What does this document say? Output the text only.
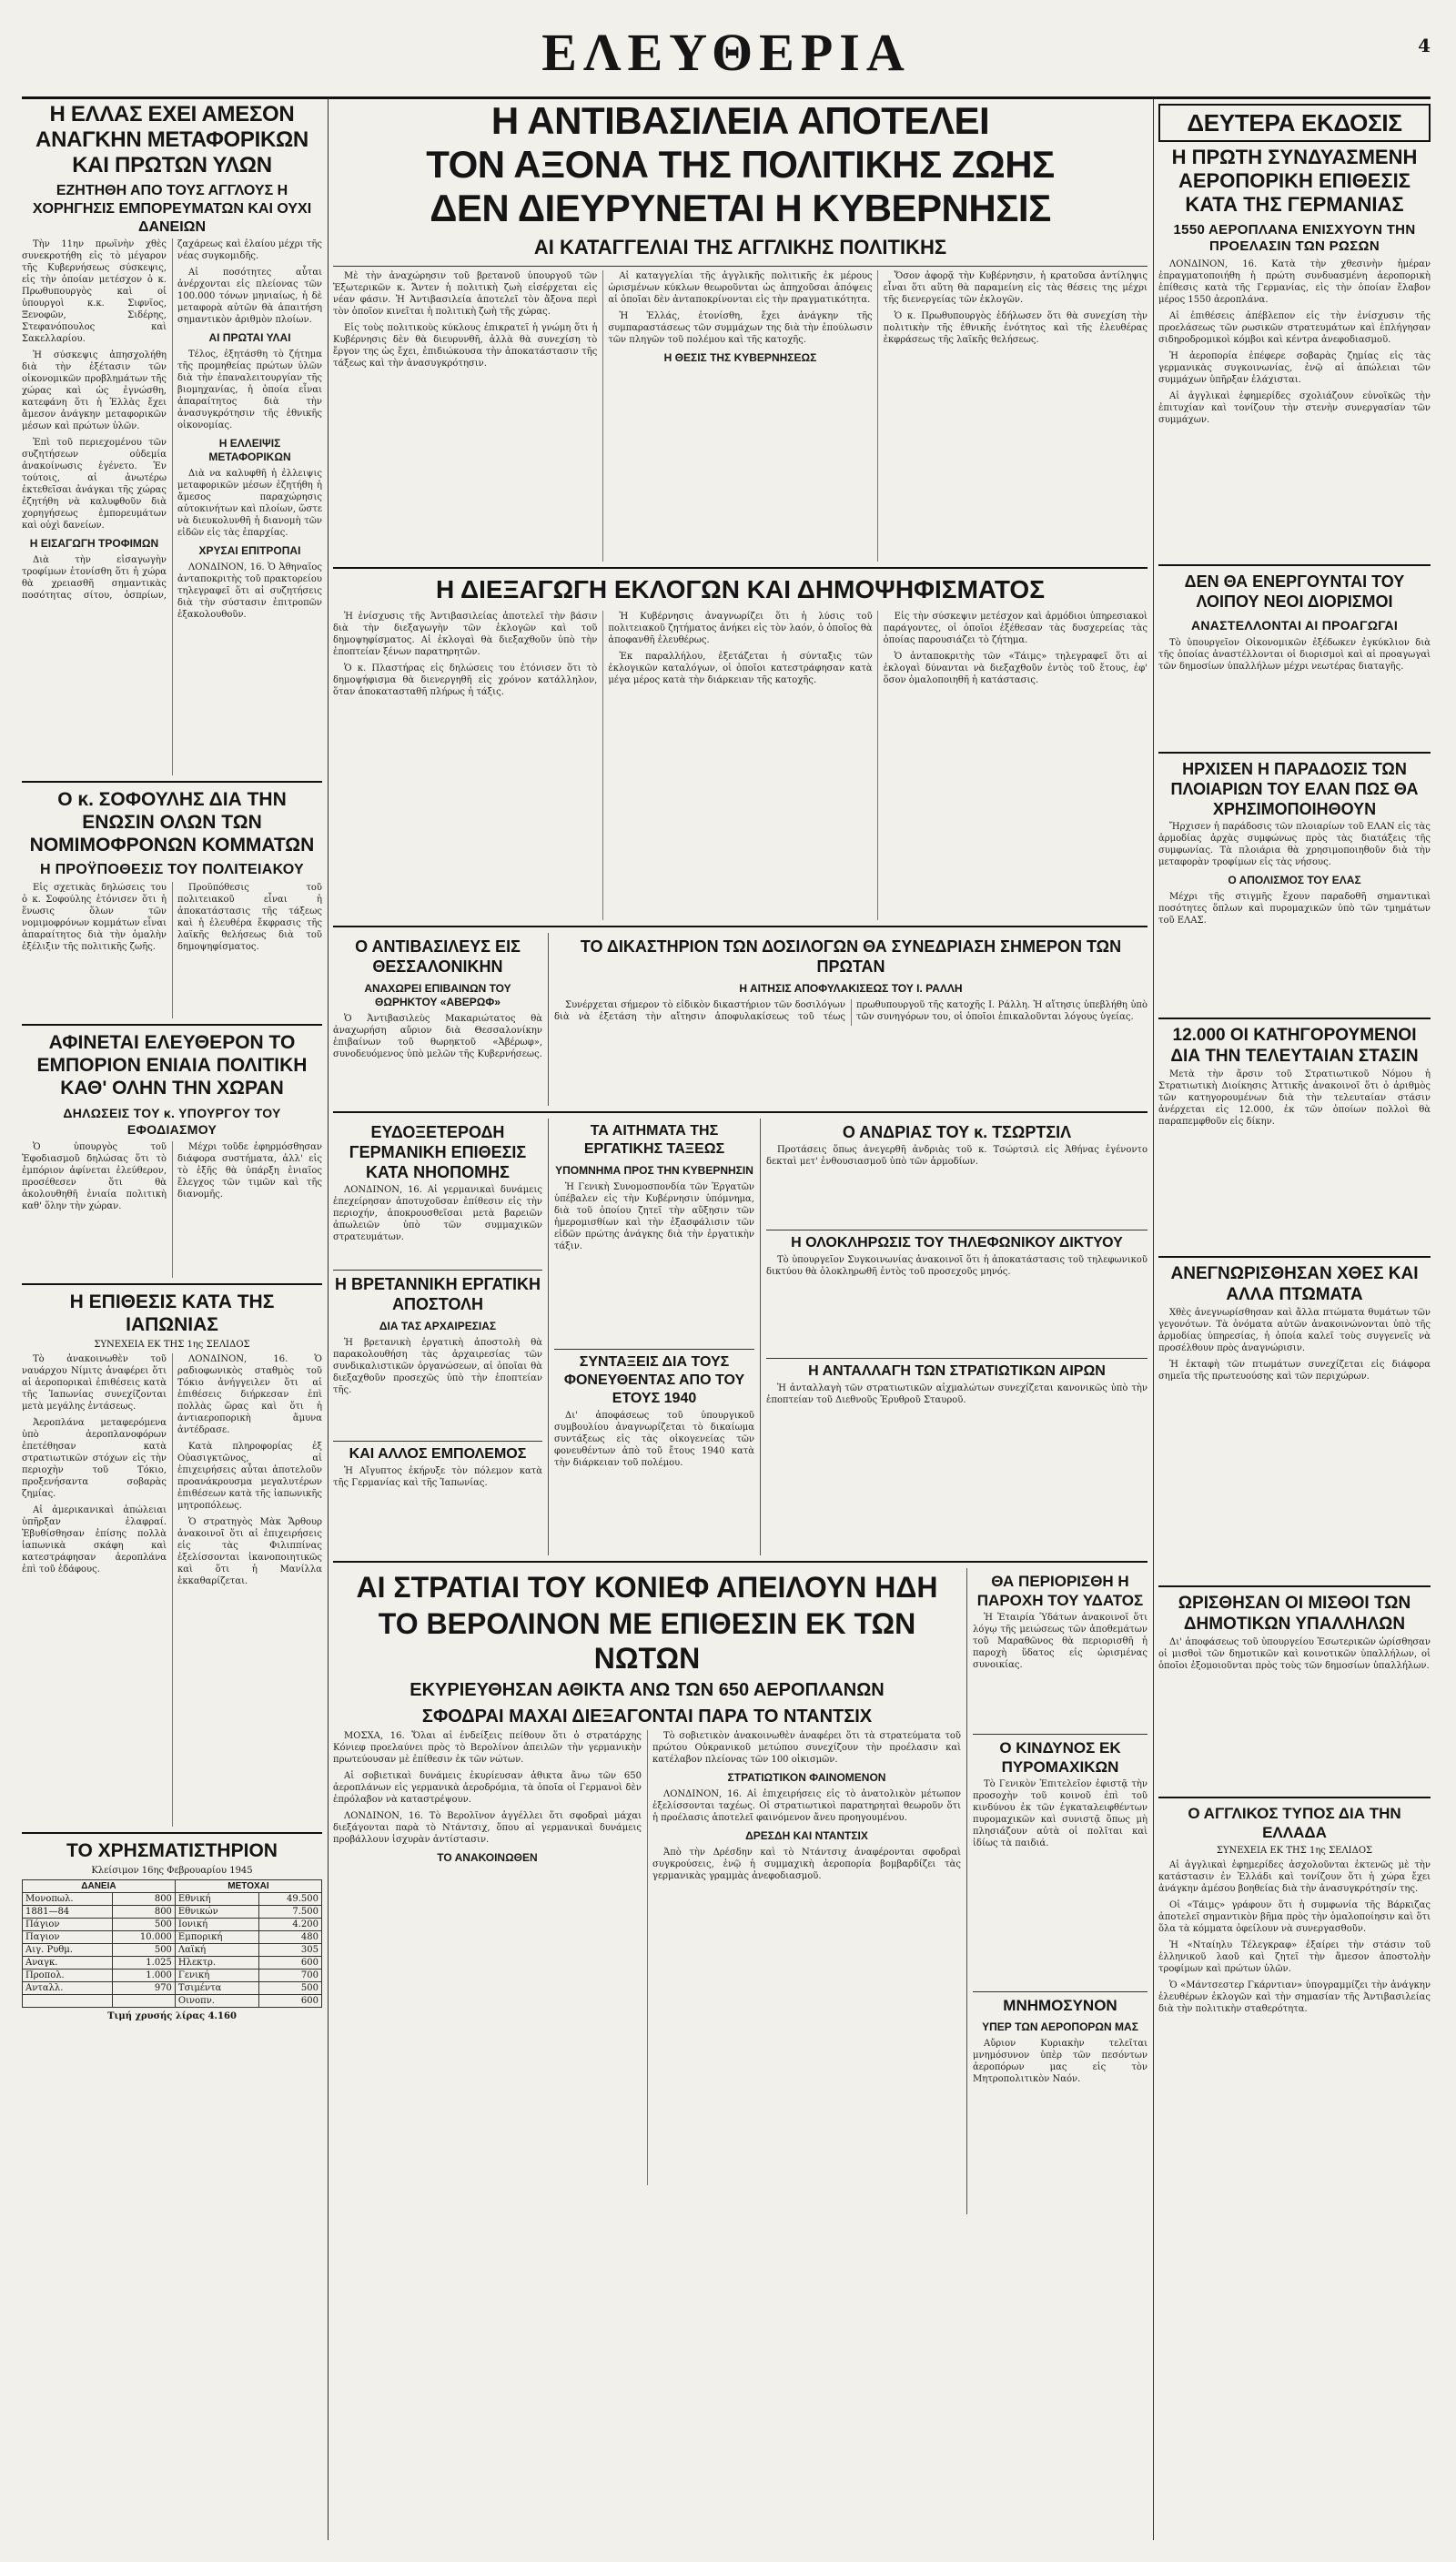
ΕΛΕΥΘΕΡΙΑ	4
Η ΕΛΛΑΣ ΕΧΕΙ ΑΜΕΣΟΝ ΑΝΑΓΚΗΝ ΜΕΤΑΦΟΡΙΚΩΝ ΚΑΙ ΠΡΩΤΩΝ ΥΛΩΝ
ΕΖΗΤΗΘΗ ΑΠΟ ΤΟΥΣ ΑΓΓΛΟΥΣ Η ΧΟΡΗΓΗΣΙΣ ΕΜΠΟΡΕΥΜΑΤΩΝ ΚΑΙ ΟΥΧΙ ΔΑΝΕΙΩΝ

Τὴν 11ην πρωϊνὴν χθὲς συνεκροτήθη εἰς τὸ μέγαρον τῆς Κυβερνήσεως σύσκεψις, εἰς τὴν ὁποίαν μετέσχον ὁ κ. Πρωθυπουργὸς καὶ οἱ ὑπουργοὶ κ.κ. Σιφνῖος, Ξενοφῶν, Σιδέρης, Στεφανόπουλος καὶ Σακελλαρίου.

Ἡ σύσκεψις ἀπησχολήθη διὰ τὴν ἐξέτασιν τῶν οἰκονομικῶν προβλημάτων τῆς χώρας καὶ ὡς ἐγνώσθη, κατεφάνη ὅτι ἡ Ἑλλὰς ἔχει ἄμεσον ἀνάγκην μεταφορικῶν μέσων καὶ πρώτων ὑλῶν.

Ἐπὶ τοῦ περιεχομένου τῶν συζητήσεων οὐδεμία ἀνακοίνωσις ἐγένετο. Ἐν τούτοις, αἱ ἀνωτέρω ἐκτεθεῖσαι ἀνάγκαι τῆς χώρας ἐζητήθη νὰ καλυφθοῦν διὰ χορηγήσεως ἐμπορευμάτων καὶ οὐχὶ δανείων.

Η ΕΙΣΑΓΩΓΗ ΤΡΟΦΙΜΩΝ

Διὰ τὴν εἰσαγωγὴν τροφίμων ἐτονίσθη ὅτι ἡ χώρα θὰ χρειασθῆ σημαντικὰς ποσότητας σίτου, ὀσπρίων, ζαχάρεως καὶ ἐλαίου μέχρι τῆς νέας συγκομιδῆς.

Αἱ ποσότητες αὗται ἀνέρχονται εἰς πλείονας τῶν 100.000 τόνων μηνιαίως, ἡ δὲ μεταφορὰ αὐτῶν θὰ ἀπαιτήση σημαντικὸν ἀριθμὸν πλοίων.

ΑΙ ΠΡΩΤΑΙ ΥΛΑΙ

Τέλος, ἐξητάσθη τὸ ζήτημα τῆς προμηθείας πρώτων ὑλῶν διὰ τὴν ἐπαναλειτουργίαν τῆς βιομηχανίας, ἡ ὁποία εἶναι ἀπαραίτητος διὰ τὴν ἀνασυγκρότησιν τῆς ἐθνικῆς οἰκονομίας.

Η ΕΛΛΕΙΨΙΣ ΜΕΤΑΦΟΡΙΚΩΝ

Διὰ να καλυφθῆ ἡ ἐλλειψις μεταφορικῶν μέσων ἐζητήθη ἡ ἄμεσος παραχώρησις αὐτοκινήτων καὶ πλοίων, ὥστε νὰ διευκολυνθῆ ἡ διανομὴ τῶν εἰδῶν εἰς τὰς ἐπαρχίας.

ΧΡΥΣΑΙ ΕΠΙΤΡΟΠΑΙ

ΛΟΝΔΙΝΟΝ, 16. Ὁ Ἀθηναῖος ἀνταποκριτὴς τοῦ πρακτορείου τηλεγραφεῖ ὅτι αἱ συζητήσεις διὰ τὴν σύστασιν ἐπιτροπῶν ἐξακολουθοῦν.

Ο κ. ΣΟΦΟΥΛΗΣ ΔΙΑ ΤΗΝ ΕΝΩΣΙΝ ΟΛΩΝ ΤΩΝ ΝΟΜΙΜΟΦΡΟΝΩΝ ΚΟΜΜΑΤΩΝ
Η ΠΡΟΫΠΟΘΕΣΙΣ ΤΟΥ ΠΟΛΙΤΕΙΑΚΟΥ

Εἰς σχετικὰς δηλώσεις του ὁ κ. Σοφούλης ἐτόνισεν ὅτι ἡ ἕνωσις ὅλων τῶν νομιμοφρόνων κομμάτων εἶναι ἀπαραίτητος διὰ τὴν ὁμαλὴν ἐξέλιξιν τῆς πολιτικῆς ζωῆς.

Προϋπόθεσις τοῦ πολιτειακοῦ εἶναι ἡ ἀποκατάστασις τῆς τάξεως καὶ ἡ ἐλευθέρα ἔκφρασις τῆς λαϊκῆς θελήσεως διὰ τοῦ δημοψηφίσματος.

ΑΦΙΝΕΤΑΙ ΕΛΕΥΘΕΡΟΝ ΤΟ ΕΜΠΟΡΙΟΝ ΕΝΙΑΙΑ ΠΟΛΙΤΙΚΗ ΚΑΘ' ΟΛΗΝ ΤΗΝ ΧΩΡΑΝ
ΔΗΛΩΣΕΙΣ ΤΟΥ κ. ΥΠΟΥΡΓΟΥ ΤΟΥ ΕΦΟΔΙΑΣΜΟΥ

Ὁ ὑπουργὸς τοῦ Ἐφοδιασμοῦ δηλώσας ὅτι τὸ ἐμπόριον ἀφίνεται ἐλεύθερον, προσέθεσεν ὅτι θὰ ἀκολουθηθῆ ἑνιαία πολιτικὴ καθ' ὅλην τὴν χώραν.

Μέχρι τοῦδε ἐφηρμόσθησαν διάφορα συστήματα, ἀλλ' εἰς τὸ ἑξῆς θὰ ὑπάρξη ἑνιαῖος ἔλεγχος τῶν τιμῶν καὶ τῆς διανομῆς.

Η ΕΠΙΘΕΣΙΣ ΚΑΤΑ ΤΗΣ ΙΑΠΩΝΙΑΣ
ΣΥΝΕΧΕΙΑ ΕΚ ΤΗΣ 1ης ΣΕΛΙΔΟΣ

Τὸ ἀνακοινωθὲν τοῦ ναυάρχου Νίμιτς ἀναφέρει ὅτι αἱ ἀεροπορικαὶ ἐπιθέσεις κατὰ τῆς Ἰαπωνίας συνεχίζονται μετὰ μεγάλης ἐντάσεως.

Ἀεροπλάνα μεταφερόμενα ὑπὸ ἀεροπλανοφόρων ἐπετέθησαν κατὰ στρατιωτικῶν στόχων εἰς τὴν περιοχὴν τοῦ Τόκιο, προξενήσαντα σοβαρὰς ζημίας.

Αἱ ἀμερικανικαὶ ἀπώλειαι ὑπῆρξαν ἐλαφραί. Ἐβυθίσθησαν ἐπίσης πολλὰ ἰαπωνικὰ σκάφη καὶ κατεστράφησαν ἀεροπλάνα ἐπὶ τοῦ ἐδάφους.

ΛΟΝΔΙΝΟΝ, 16. Ὁ ραδιοφωνικὸς σταθμὸς τοῦ Τόκιο ἀνήγγειλεν ὅτι αἱ ἐπιθέσεις διήρκεσαν ἐπὶ πολλὰς ὥρας καὶ ὅτι ἡ ἀντιαεροπορικὴ ἄμυνα ἀντέδρασε.

Κατὰ πληροφορίας ἐξ Οὐασιγκτῶνος, αἱ ἐπιχειρήσεις αὗται ἀποτελοῦν προανάκρουσμα μεγαλυτέρων ἐπιθέσεων κατὰ τῆς ἰαπωνικῆς μητροπόλεως.

Ὁ στρατηγὸς Μὰκ Ἄρθουρ ἀνακοινοῖ ὅτι αἱ ἐπιχειρήσεις εἰς τὰς Φιλιππίνας ἐξελίσσονται ἱκανοποιητικῶς καὶ ὅτι ἡ Μανίλλα ἐκκαθαρίζεται.

ΤΟ ΧΡΗΣΜΑΤΙΣΤΗΡΙΟΝ
Κλείσιμον 16ης Φεβρουαρίου 1945
ΔΑΝΕΙΑ		ΜΕΤΟΧΑΙ	
Μονοπωλ.	800	Εθνική	49.500
1881—84	800	Εθνικών	7.500
Πάγιον	500	Ιονική	4.200
Παγιον	10.000	Εμπορική	480
Αιγ. Ρυθμ.	500	Λαϊκή	305
Αναγκ.	1.025	Ηλεκτρ.	600
Προπολ.	1.000	Γενική	700
Ανταλλ.	970	Τσιμέντα	500
		Οινοπν.	600
Τιμή χρυσής λίρας 4.160
Η ΑΝΤΙΒΑΣΙΛΕΙΑ ΑΠΟΤΕΛΕΙ
ΤΟΝ ΑΞΟΝΑ ΤΗΣ ΠΟΛΙΤΙΚΗΣ ΖΩΗΣ
ΔΕΝ ΔΙΕΥΡΥΝΕΤΑΙ Η ΚΥΒΕΡΝΗΣΙΣ
ΑΙ ΚΑΤΑΓΓΕΛΙΑΙ ΤΗΣ ΑΓΓΛΙΚΗΣ ΠΟΛΙΤΙΚΗΣ

Μὲ τὴν ἀναχώρησιν τοῦ βρετανοῦ ὑπουργοῦ τῶν Ἐξωτερικῶν κ. Ἄντεν ἡ πολιτικὴ ζωὴ εἰσέρχεται εἰς νέαν φάσιν. Ἡ Ἀντιβασιλεία ἀποτελεῖ τὸν ἄξονα περὶ τὸν ὁποῖον κινεῖται ἡ πολιτικὴ ζωὴ τῆς χώρας.

Εἰς τοὺς πολιτικοὺς κύκλους ἐπικρατεῖ ἡ γνώμη ὅτι ἡ Κυβέρνησις δὲν θὰ διευρυνθῆ, ἀλλὰ θὰ συνεχίση τὸ ἔργον της ὡς ἔχει, ἐπιδιώκουσα τὴν ἀποκατάστασιν τῆς τάξεως καὶ τὴν ἀνασυγκρότησιν.

Αἱ καταγγελίαι τῆς ἀγγλικῆς πολιτικῆς ἐκ μέρους ὡρισμένων κύκλων θεωροῦνται ὡς ἀπηχοῦσαι ἀπόψεις αἱ ὁποῖαι δὲν ἀνταποκρίνονται εἰς τὴν πραγματικότητα.

Ἡ Ἑλλάς, ἐτονίσθη, ἔχει ἀνάγκην τῆς συμπαραστάσεως τῶν συμμάχων της διὰ τὴν ἐπούλωσιν τῶν πληγῶν τοῦ πολέμου καὶ τῆς κατοχῆς.

Η ΘΕΣΙΣ ΤΗΣ ΚΥΒΕΡΝΗΣΕΩΣ

Ὅσον ἀφορᾷ τὴν Κυβέρνησιν, ἡ κρατοῦσα ἀντίληψις εἶναι ὅτι αὕτη θὰ παραμείνη εἰς τὰς θέσεις της μέχρι τῆς διενεργείας τῶν ἐκλογῶν.

Ὁ κ. Πρωθυπουργὸς ἐδήλωσεν ὅτι θὰ συνεχίση τὴν πολιτικὴν τῆς ἐθνικῆς ἑνότητος καὶ τῆς ἐλευθέρας ἐκφράσεως τῆς λαϊκῆς θελήσεως.

Η ΔΙΕΞΑΓΩΓΗ ΕΚΛΟΓΩΝ ΚΑΙ ΔΗΜΟΨΗΦΙΣΜΑΤΟΣ

Ἡ ἐνίσχυσις τῆς Ἀντιβασιλείας ἀποτελεῖ τὴν βάσιν διὰ τὴν διεξαγωγὴν τῶν ἐκλογῶν καὶ τοῦ δημοψηφίσματος. Αἱ ἐκλογαὶ θὰ διεξαχθοῦν ὑπὸ τὴν ἐποπτείαν ξένων παρατηρητῶν.

Ὁ κ. Πλαστήρας εἰς δηλώσεις του ἐτόνισεν ὅτι τὸ δημοψήφισμα θὰ διενεργηθῆ εἰς χρόνον κατάλληλον, ὅταν ἀποκατασταθῆ πλήρως ἡ τάξις.

Ἡ Κυβέρνησις ἀναγνωρίζει ὅτι ἡ λύσις τοῦ πολιτειακοῦ ζητήματος ἀνήκει εἰς τὸν λαόν, ὁ ὁποῖος θὰ ἀποφανθῆ ἐλευθέρως.

Ἐκ παραλλήλου, ἐξετάζεται ἡ σύνταξις τῶν ἐκλογικῶν καταλόγων, οἱ ὁποῖοι κατεστράφησαν κατὰ μέγα μέρος κατὰ τὴν διάρκειαν τῆς κατοχῆς.

Εἰς τὴν σύσκεψιν μετέσχον καὶ ἀρμόδιοι ὑπηρεσιακοὶ παράγοντες, οἱ ὁποῖοι ἐξέθεσαν τὰς δυσχερείας τὰς ὁποίας παρουσιάζει τὸ ζήτημα.

Ὁ ἀνταποκριτὴς τῶν «Τάιμς» τηλεγραφεῖ ὅτι αἱ ἐκλογαὶ δύνανται νὰ διεξαχθοῦν ἐντὸς τοῦ ἔτους, ἐφ' ὅσον ὁμαλοποιηθῆ ἡ κατάστασις.

Ο ΑΝΤΙΒΑΣΙΛΕΥΣ ΕΙΣ ΘΕΣΣΑΛΟΝΙΚΗΝ
ΑΝΑΧΩΡΕΙ ΕΠΙΒΑΙΝΩΝ ΤΟΥ ΘΩΡΗΚΤΟΥ «ΑΒΕΡΩΦ»

Ὁ Ἀντιβασιλεὺς Μακαριώτατος θὰ ἀναχωρήση αὔριον διὰ Θεσσαλονίκην ἐπιβαίνων τοῦ θωρηκτοῦ «Ἀβέρωφ», συνοδευόμενος ὑπὸ μελῶν τῆς Κυβερνήσεως.

ΤΟ ΔΙΚΑΣΤΗΡΙΟΝ ΤΩΝ ΔΟΣΙΛΟΓΩΝ ΘΑ ΣΥΝΕΔΡΙΑΣΗ ΣΗΜΕΡΟΝ ΤΩΝ ΠΡΩΤΑΝ
Η ΑΙΤΗΣΙΣ ΑΠΟΦΥΛΑΚΙΣΕΩΣ ΤΟΥ Ι. ΡΑΛΛΗ

Συνέρχεται σήμερον τὸ εἰδικὸν δικαστήριον τῶν δοσιλόγων διὰ νὰ ἐξετάση τὴν αἴτησιν ἀποφυλακίσεως τοῦ τέως πρωθυπουργοῦ τῆς κατοχῆς Ι. Ράλλη. Ἡ αἴτησις ὑπεβλήθη ὑπὸ τῶν συνηγόρων του, οἱ ὁποῖοι ἐπικαλοῦνται λόγους ὑγείας.

ΕΥΔΟΞΕΤΕΡΟΔΗ ΓΕΡΜΑΝΙΚΗ ΕΠΙΘΕΣΙΣ ΚΑΤΑ ΝΗΟΠΟΜΗΣ

ΛΟΝΔΙΝΟΝ, 16. Αἱ γερμανικαὶ δυνάμεις ἐπεχείρησαν ἀποτυχοῦσαν ἐπίθεσιν εἰς τὴν περιοχήν, ἀποκρουσθεῖσαι μετὰ βαρειῶν ἀπωλειῶν ὑπὸ τῶν συμμαχικῶν στρατευμάτων.

Η ΒΡΕΤΑΝΝΙΚΗ ΕΡΓΑΤΙΚΗ ΑΠΟΣΤΟΛΗ
ΔΙΑ ΤΑΣ ΑΡΧΑΙΡΕΣΙΑΣ

Ἡ βρετανικὴ ἐργατικὴ ἀποστολὴ θὰ παρακολουθήση τὰς ἀρχαιρεσίας τῶν συνδικαλιστικῶν ὀργανώσεων, αἱ ὁποῖαι θὰ διεξαχθοῦν προσεχῶς ὑπὸ τὴν ἐποπτείαν τῆς.

ΚΑΙ ΑΛΛΟΣ ΕΜΠΟΛΕΜΟΣ

Ἡ Αἴγυπτος ἐκήρυξε τὸν πόλεμον κατὰ τῆς Γερμανίας καὶ τῆς Ἰαπωνίας.

ΤΑ ΑΙΤΗΜΑΤΑ ΤΗΣ ΕΡΓΑΤΙΚΗΣ ΤΑΞΕΩΣ
ΥΠΟΜΝΗΜΑ ΠΡΟΣ ΤΗΝ ΚΥΒΕΡΝΗΣΙΝ

Ἡ Γενικὴ Συνομοσπονδία τῶν Ἐργατῶν ὑπέβαλεν εἰς τὴν Κυβέρνησιν ὑπόμνημα, διὰ τοῦ ὁποίου ζητεῖ τὴν αὔξησιν τῶν ἡμερομισθίων καὶ τὴν ἐξασφάλισιν τῶν εἰδῶν πρώτης ἀνάγκης διὰ τὴν ἐργατικὴν τάξιν.

ΣΥΝΤΑΞΕΙΣ ΔΙΑ ΤΟΥΣ ΦΟΝΕΥΘΕΝΤΑΣ ΑΠΟ ΤΟΥ ΕΤΟΥΣ 1940

Δι' ἀποφάσεως τοῦ ὑπουργικοῦ συμβουλίου ἀναγνωρίζεται τὸ δικαίωμα συντάξεως εἰς τὰς οἰκογενείας τῶν φονευθέντων ἀπὸ τοῦ ἔτους 1940 κατὰ τὴν διάρκειαν τοῦ πολέμου.

Ο ΑΝΔΡΙΑΣ ΤΟΥ κ. ΤΣΩΡΤΣΙΛ

Προτάσεις ὅπως ἀνεγερθῆ ἀνδριὰς τοῦ κ. Τσώρτσιλ εἰς Ἀθήνας ἐγένοντο δεκταὶ μετ' ἐνθουσιασμοῦ ὑπὸ τῶν ἁρμοδίων.

Η ΟΛΟΚΛΗΡΩΣΙΣ ΤΟΥ ΤΗΛΕΦΩΝΙΚΟΥ ΔΙΚΤΥΟΥ

Τὸ ὑπουργεῖον Συγκοινωνίας ἀνακοινοῖ ὅτι ἡ ἀποκατάστασις τοῦ τηλεφωνικοῦ δικτύου θὰ ὁλοκληρωθῆ ἐντὸς τοῦ προσεχοῦς μηνός.

Η ΑΝΤΑΛΛΑΓΗ ΤΩΝ ΣΤΡΑΤΙΩΤΙΚΩΝ ΑΙΡΩΝ

Ἡ ἀνταλλαγὴ τῶν στρατιωτικῶν αἰχμαλώτων συνεχίζεται κανονικῶς ὑπὸ τὴν ἐποπτείαν τοῦ Διεθνοῦς Ἐρυθροῦ Σταυροῦ.

ΑΙ ΣΤΡΑΤΙΑΙ ΤΟΥ ΚΟΝΙΕΦ ΑΠΕΙΛΟΥΝ ΗΔΗ
ΤΟ ΒΕΡΟΛΙΝΟΝ ΜΕ ΕΠΙΘΕΣΙΝ ΕΚ ΤΩΝ ΝΩΤΩΝ
ΕΚΥΡΙΕΥΘΗΣΑΝ ΑΘΙΚΤΑ ΑΝΩ ΤΩΝ 650 ΑΕΡΟΠΛΑΝΩΝ
ΣΦΟΔΡΑΙ ΜΑΧΑΙ ΔΙΕΞΑΓΟΝΤΑΙ ΠΑΡΑ ΤΟ ΝΤΑΝΤΣΙΧ

ΜΟΣΧΑ, 16. Ὅλαι αἱ ἐνδείξεις πείθουν ὅτι ὁ στρατάρχης Κόνιεφ προελαύνει πρὸς τὸ Βερολίνον ἀπειλῶν τὴν γερμανικὴν πρωτεύουσαν μὲ ἐπίθεσιν ἐκ τῶν νώτων.

Αἱ σοβιετικαὶ δυνάμεις ἐκυρίευσαν ἀθικτα ἄνω τῶν 650 ἀεροπλάνων εἰς γερμανικὰ ἀεροδρόμια, τὰ ὁποῖα οἱ Γερμανοὶ δὲν ἐπρόλαβον νὰ καταστρέψουν.

ΛΟΝΔΙΝΟΝ, 16. Τὸ Βερολῖνον ἀγγέλλει ὅτι σφοδραὶ μάχαι διεξάγονται παρὰ τὸ Ντάντσιχ, ὅπου αἱ γερμανικαὶ δυνάμεις προβάλλουν ἰσχυρὰν ἀντίστασιν.

ΤΟ ΑΝΑΚΟΙΝΩΘΕΝ

Τὸ σοβιετικὸν ἀνακοινωθὲν ἀναφέρει ὅτι τὰ στρατεύματα τοῦ πρώτου Οὐκρανικοῦ μετώπου συνεχίζουν τὴν προέλασιν καὶ κατέλαβον πλείονας τῶν 100 οἰκισμῶν.

ΣΤΡΑΤΙΩΤΙΚΟΝ ΦΑΙΝΟΜΕΝΟΝ

ΛΟΝΔΙΝΟΝ, 16. Αἱ ἐπιχειρήσεις εἰς τὸ ἀνατολικὸν μέτωπον ἐξελίσσονται ταχέως. Οἱ στρατιωτικοὶ παρατηρηταὶ θεωροῦν ὅτι ἡ προέλασις ἀποτελεῖ φαινόμενον ἄνευ προηγουμένου.

ΔΡΕΣΔΗ ΚΑΙ ΝΤΑΝΤΣΙΧ

Ἀπὸ τὴν Δρέσδην καὶ τὸ Ντάντσιχ ἀναφέρονται σφοδραὶ συγκρούσεις, ἐνῷ ἡ συμμαχικὴ ἀεροπορία βομβαρδίζει τὰς γερμανικὰς γραμμὰς ἀνεφοδιασμοῦ.

ΘΑ ΠΕΡΙΟΡΙΣΘΗ Η ΠΑΡΟΧΗ ΤΟΥ ΥΔΑΤΟΣ

Ἡ Ἑταιρία Ὑδάτων ἀνακοινοῖ ὅτι λόγῳ τῆς μειώσεως τῶν ἀποθεμάτων τοῦ Μαραθῶνος θὰ περιορισθῆ ἡ παροχὴ ὕδατος εἰς ὡρισμένας συνοικίας.

Ο ΚΙΝΔΥΝΟΣ ΕΚ ΠΥΡΟΜΑΧΙΚΩΝ

Τὸ Γενικὸν Ἐπιτελεῖον ἐφιστᾷ τὴν προσοχὴν τοῦ κοινοῦ ἐπὶ τοῦ κινδύνου ἐκ τῶν ἐγκαταλειφθέντων πυρομαχικῶν καὶ συνιστᾷ ὅπως μὴ πλησιάζουν αὐτὰ οἱ πολῖται καὶ ἰδίως τὰ παιδιά.

ΜΝΗΜΟΣΥΝΟΝ
ΥΠΕΡ ΤΩΝ ΑΕΡΟΠΟΡΩΝ ΜΑΣ

Αὔριον Κυριακὴν τελεῖται μνημόσυνον ὑπὲρ τῶν πεσόντων ἀεροπόρων μας εἰς τὸν Μητροπολιτικὸν Ναόν.

ΔΕΥΤΕΡΑ ΕΚΔΟΣΙΣ
Η ΠΡΩΤΗ ΣΥΝΔΥΑΣΜΕΝΗ ΑΕΡΟΠΟΡΙΚΗ ΕΠΙΘΕΣΙΣ ΚΑΤΑ ΤΗΣ ΓΕΡΜΑΝΙΑΣ
1550 ΑΕΡΟΠΛΑΝΑ ΕΝΙΣΧΥΟΥΝ ΤΗΝ ΠΡΟΕΛΑΣΙΝ ΤΩΝ ΡΩΣΩΝ

ΛΟΝΔΙΝΟΝ, 16. Κατὰ τὴν χθεσινὴν ἡμέραν ἐπραγματοποιήθη ἡ πρώτη συνδυασμένη ἀεροπορικὴ ἐπίθεσις κατὰ τῆς Γερμανίας, εἰς τὴν ὁποίαν ἔλαβον μέρος 1550 ἀεροπλάνα.

Αἱ ἐπιθέσεις ἀπέβλεπον εἰς τὴν ἐνίσχυσιν τῆς προελάσεως τῶν ρωσικῶν στρατευμάτων καὶ ἐπλήγησαν σιδηροδρομικοὶ κόμβοι καὶ κέντρα ἀνεφοδιασμοῦ.

Ἡ ἀεροπορία ἐπέφερε σοβαρὰς ζημίας εἰς τὰς γερμανικὰς συγκοινωνίας, ἐνῷ αἱ ἀπώλειαι τῶν συμμάχων ὑπῆρξαν ἐλάχισται.

Αἱ ἀγγλικαὶ ἐφημερίδες σχολιάζουν εὐνοϊκῶς τὴν ἐπιτυχίαν καὶ τονίζουν τὴν στενὴν συνεργασίαν τῶν συμμάχων.

ΔΕΝ ΘΑ ΕΝΕΡΓΟΥΝΤΑΙ ΤΟΥ ΛΟΙΠΟΥ ΝΕΟΙ ΔΙΟΡΙΣΜΟΙ
ΑΝΑΣΤΕΛΛΟΝΤΑΙ ΑΙ ΠΡΟΑΓΩΓΑΙ

Τὸ ὑπουργεῖον Οἰκονομικῶν ἐξέδωκεν ἐγκύκλιον διὰ τῆς ὁποίας ἀναστέλλονται οἱ διορισμοὶ καὶ αἱ προαγωγαὶ τῶν δημοσίων ὑπαλλήλων μέχρι νεωτέρας διαταγῆς.

ΗΡΧΙΣΕΝ Η ΠΑΡΑΔΟΣΙΣ ΤΩΝ ΠΛΟΙΑΡΙΩΝ ΤΟΥ ΕΛΑΝ ΠΩΣ ΘΑ ΧΡΗΣΙΜΟΠΟΙΗΘΟΥΝ

Ἤρχισεν ἡ παράδοσις τῶν πλοιαρίων τοῦ ΕΛΑΝ εἰς τὰς ἁρμοδίας ἀρχὰς συμφώνως πρὸς τὰς διατάξεις τῆς συμφωνίας. Τὰ πλοιάρια θὰ χρησιμοποιηθοῦν διὰ τὴν μεταφορὰν τροφίμων εἰς τὰς νήσους.

Ο ΑΠΟΛΙΣΜΟΣ ΤΟΥ ΕΛΑΣ

Μέχρι τῆς στιγμῆς ἔχουν παραδοθῆ σημαντικαὶ ποσότητες ὅπλων καὶ πυρομαχικῶν ὑπὸ τῶν τμημάτων τοῦ ΕΛΑΣ.

12.000 ΟΙ ΚΑΤΗΓΟΡΟΥΜΕΝΟΙ ΔΙΑ ΤΗΝ ΤΕΛΕΥΤΑΙΑΝ ΣΤΑΣΙΝ

Μετὰ τὴν ἄρσιν τοῦ Στρατιωτικοῦ Νόμου ἡ Στρατιωτικὴ Διοίκησις Ἀττικῆς ἀνακοινοῖ ὅτι ὁ ἀριθμὸς τῶν κατηγορουμένων διὰ τὴν τελευταίαν στάσιν ἀνέρχεται εἰς 12.000, ἐκ τῶν ὁποίων πολλοὶ θὰ παραπεμφθοῦν εἰς δίκην.

ΑΝΕΓΝΩΡΙΣΘΗΣΑΝ ΧΘΕΣ ΚΑΙ ΑΛΛΑ ΠΤΩΜΑΤΑ

Χθὲς ἀνεγνωρίσθησαν καὶ ἄλλα πτώματα θυμάτων τῶν γεγονότων. Τὰ ὀνόματα αὐτῶν ἀνακοινώνονται ὑπὸ τῆς ἁρμοδίας ὑπηρεσίας, ἡ ὁποία καλεῖ τοὺς συγγενεῖς νὰ προσέλθουν πρὸς ἀναγνώρισιν.

Ἡ ἐκταφὴ τῶν πτωμάτων συνεχίζεται εἰς διάφορα σημεῖα τῆς πρωτευούσης καὶ τῶν περιχώρων.

ΩΡΙΣΘΗΣΑΝ ΟΙ ΜΙΣΘΟΙ ΤΩΝ ΔΗΜΟΤΙΚΩΝ ΥΠΑΛΛΗΛΩΝ

Δι' ἀποφάσεως τοῦ ὑπουργείου Ἐσωτερικῶν ὡρίσθησαν οἱ μισθοὶ τῶν δημοτικῶν καὶ κοινοτικῶν ὑπαλλήλων, οἱ ὁποῖοι ἐξομοιοῦνται πρὸς τοὺς τῶν δημοσίων ὑπαλλήλων.

Ο ΑΓΓΛΙΚΟΣ ΤΥΠΟΣ ΔΙΑ ΤΗΝ ΕΛΛΑΔΑ
ΣΥΝΕΧΕΙΑ ΕΚ ΤΗΣ 1ης ΣΕΛΙΔΟΣ

Αἱ ἀγγλικαὶ ἐφημερίδες ἀσχολοῦνται ἐκτενῶς μὲ τὴν κατάστασιν ἐν Ἑλλάδι καὶ τονίζουν ὅτι ἡ χώρα ἔχει ἀνάγκην ἀμέσου βοηθείας διὰ τὴν ἀνασυγκρότησίν της.

Οἱ «Τάιμς» γράφουν ὅτι ἡ συμφωνία τῆς Βάρκιζας ἀποτελεῖ σημαντικὸν βῆμα πρὸς τὴν ὁμαλοποίησιν καὶ ὅτι ὅλα τὰ κόμματα ὀφείλουν νὰ συνεργασθοῦν.

Ἡ «Νταίηλυ Τέλεγκραφ» ἐξαίρει τὴν στάσιν τοῦ ἑλληνικοῦ λαοῦ καὶ ζητεῖ τὴν ἄμεσον ἀποστολὴν τροφίμων καὶ πρώτων ὑλῶν.

Ὁ «Μάντσεστερ Γκάρντιαν» ὑπογραμμίζει τὴν ἀνάγκην ἐλευθέρων ἐκλογῶν καὶ τὴν σημασίαν τῆς Ἀντιβασιλείας διὰ τὴν πολιτικὴν σταθερότητα.
